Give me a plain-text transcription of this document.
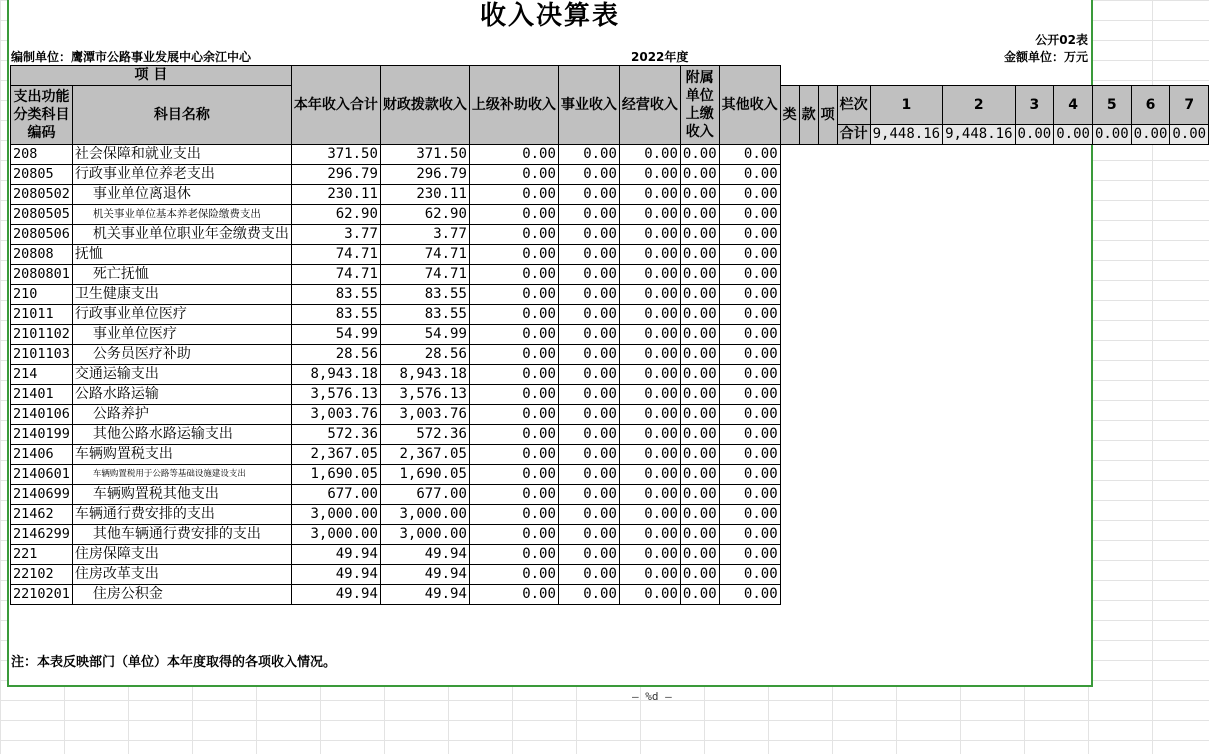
收入决算表
公开02表
编制单位：鹰潭市公路事业发展中心余江中心	2022年度	金额单位：万元
项 目		本年收入合计	财政拨款收入	上级补助收入	事业收入	经营收入	附属单位上缴收入	其他收入											
支出功能分类科目编码	科目名称																		
									类	款	项	栏次	1	2	3	4	5	6	7
												合计	9,448.16	9,448.16	0.00	0.00	0.00	0.00	0.00
208	社会保障和就业支出	371.50	371.50	0.00	0.00	0.00	0.00	0.00											
20805	行政事业单位养老支出	296.79	296.79	0.00	0.00	0.00	0.00	0.00											
2080502	事业单位离退休	230.11	230.11	0.00	0.00	0.00	0.00	0.00											
2080505	机关事业单位基本养老保险缴费支出	62.90	62.90	0.00	0.00	0.00	0.00	0.00											
2080506	机关事业单位职业年金缴费支出	3.77	3.77	0.00	0.00	0.00	0.00	0.00											
20808	抚恤	74.71	74.71	0.00	0.00	0.00	0.00	0.00											
2080801	死亡抚恤	74.71	74.71	0.00	0.00	0.00	0.00	0.00											
210	卫生健康支出	83.55	83.55	0.00	0.00	0.00	0.00	0.00											
21011	行政事业单位医疗	83.55	83.55	0.00	0.00	0.00	0.00	0.00											
2101102	事业单位医疗	54.99	54.99	0.00	0.00	0.00	0.00	0.00											
2101103	公务员医疗补助	28.56	28.56	0.00	0.00	0.00	0.00	0.00											
214	交通运输支出	8,943.18	8,943.18	0.00	0.00	0.00	0.00	0.00											
21401	公路水路运输	3,576.13	3,576.13	0.00	0.00	0.00	0.00	0.00											
2140106	公路养护	3,003.76	3,003.76	0.00	0.00	0.00	0.00	0.00											
2140199	其他公路水路运输支出	572.36	572.36	0.00	0.00	0.00	0.00	0.00											
21406	车辆购置税支出	2,367.05	2,367.05	0.00	0.00	0.00	0.00	0.00											
2140601	车辆购置税用于公路等基础设施建设支出	1,690.05	1,690.05	0.00	0.00	0.00	0.00	0.00											
2140699	车辆购置税其他支出	677.00	677.00	0.00	0.00	0.00	0.00	0.00											
21462	车辆通行费安排的支出	3,000.00	3,000.00	0.00	0.00	0.00	0.00	0.00											
2146299	其他车辆通行费安排的支出	3,000.00	3,000.00	0.00	0.00	0.00	0.00	0.00											
221	住房保障支出	49.94	49.94	0.00	0.00	0.00	0.00	0.00											
22102	住房改革支出	49.94	49.94	0.00	0.00	0.00	0.00	0.00											
2210201	住房公积金	49.94	49.94	0.00	0.00	0.00	0.00	0.00											
注：本表反映部门（单位）本年度取得的各项收入情况。
— %d —
